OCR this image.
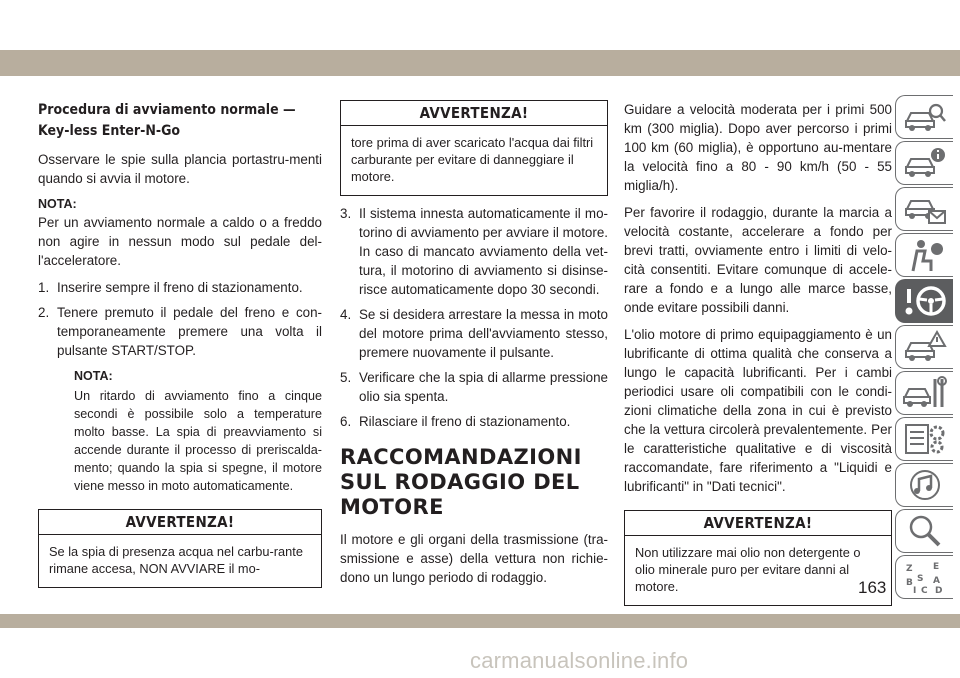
Procedura di avviamento normale — Key-less Enter-N-Go

Osservare le spie sulla plancia portastru-menti quando si avvia il motore.

NOTA:

Per un avviamento normale a caldo o a freddo non agire in nessun modo sul pedale del-l'acceleratore.

1. Inserire sempre il freno di stazionamento.
2. Tenere premuto il pedale del freno e con-temporaneamente premere una volta il pulsante START/STOP.
NOTA:
Un ritardo di avviamento fino a cinque secondi è possibile solo a temperature molto basse. La spia di preavviamento si accende durante il processo di preriscalda-mento; quando la spia si spegne, il motore viene messo in moto automaticamente.
AVVERTENZA!
Se la spia di presenza acqua nel carbu-rante rimane accesa, NON AVVIARE il mo-
AVVERTENZA!
tore prima di aver scaricato l'acqua dai filtri carburante per evitare di danneggiare il motore.
3. Il sistema innesta automaticamente il mo-torino di avviamento per avviare il motore. In caso di mancato avviamento della vet-tura, il motorino di avviamento si disinse-risce automaticamente dopo 30 secondi.
4. Se si desidera arrestare la messa in moto del motore prima dell'avviamento stesso, premere nuovamente il pulsante.
5. Verificare che la spia di allarme pressione olio sia spenta.
6. Rilasciare il freno di stazionamento.
RACCOMANDAZIONI SUL RODAGGIO DEL MOTORE

Il motore e gli organi della trasmissione (tra-smissione e asse) della vettura non richie-dono un lungo periodo di rodaggio.

Guidare a velocità moderata per i primi 500 km (300 miglia). Dopo aver percorso i primi 100 km (60 miglia), è opportuno au-mentare la velocità fino a 80 - 90 km/h (50 - 55 miglia/h).

Per favorire il rodaggio, durante la marcia a velocità costante, accelerare a fondo per brevi tratti, ovviamente entro i limiti di velo-cità consentiti. Evitare comunque di accele-rare a fondo e a lungo alle marce basse, onde evitare possibili danni.

L'olio motore di primo equipaggiamento è un lubrificante di ottima qualità che conserva a lungo le capacità lubrificanti. Per i cambi periodici usare oli compatibili con le condi-zioni climatiche della zona in cui è previsto che la vettura circolerà prevalentemente. Per le caratteristiche qualitative e di viscosità raccomandate, fare riferimento a "Liquidi e lubrificanti" in "Dati tecnici".

AVVERTENZA!
Non utilizzare mai olio non detergente o olio minerale puro per evitare danni al motore.
Z E
B S A
I C D
163
carmanualsonline.info
